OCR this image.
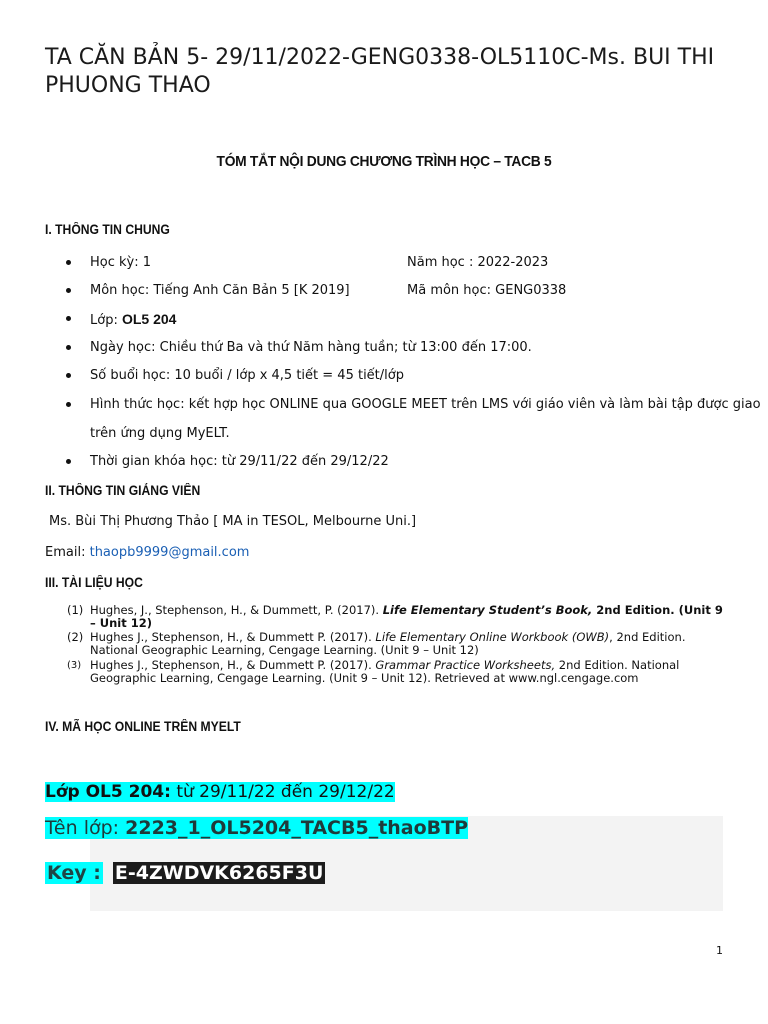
TA CĂN BẢN 5- 29/11/2022-GENG0338-OL5110C-Ms. BUI THI PHUONG THAO
TÓM TẮT NỘI DUNG CHƯƠNG TRÌNH HỌC – TACB 5
I. THÔNG TIN CHUNG
Học kỳ: 1	Năm học : 2022-2023
Môn học: Tiếng Anh Căn Bản 5 [K 2019]	Mã môn học: GENG0338
Lớp: OL5 204
Ngày học: Chiều thứ Ba và thứ Năm hàng tuần; từ 13:00 đến 17:00.
Số buổi học: 10 buổi / lớp x 4,5 tiết = 45 tiết/lớp
Hình thức học: kết hợp học ONLINE qua GOOGLE MEET trên LMS với giáo viên và làm bài tập được giao
trên ứng dụng MyELT.
Thời gian khóa học: từ 29/11/22 đến 29/12/22
II. THÔNG TIN GIẢNG VIÊN
Ms. Bùi Thị Phương Thảo [ MA in TESOL, Melbourne Uni.]
Email: thaopb9999@gmail.com
III. TÀI LIỆU HỌC
(1) Hughes, J., Stephenson, H., & Dummett, P. (2017). Life Elementary Student’s Book, 2nd Edition. (Unit 9 – Unit 12)
(2) Hughes J., Stephenson, H., & Dummett P. (2017). Life Elementary Online Workbook (OWB), 2nd Edition. National Geographic Learning, Cengage Learning. (Unit 9 – Unit 12)
(3) Hughes J., Stephenson, H., & Dummett P. (2017). Grammar Practice Worksheets, 2nd Edition. National Geographic Learning, Cengage Learning. (Unit 9 – Unit 12). Retrieved at www.ngl.cengage.com
IV. MÃ HỌC ONLINE TRÊN MYELT
Lớp OL5 204: từ 29/11/22 đến 29/12/22
Tên lớp: 2223_1_OL5204_TACB5_thaoBTP
Key : E-4ZWDVK6265F3U
1
